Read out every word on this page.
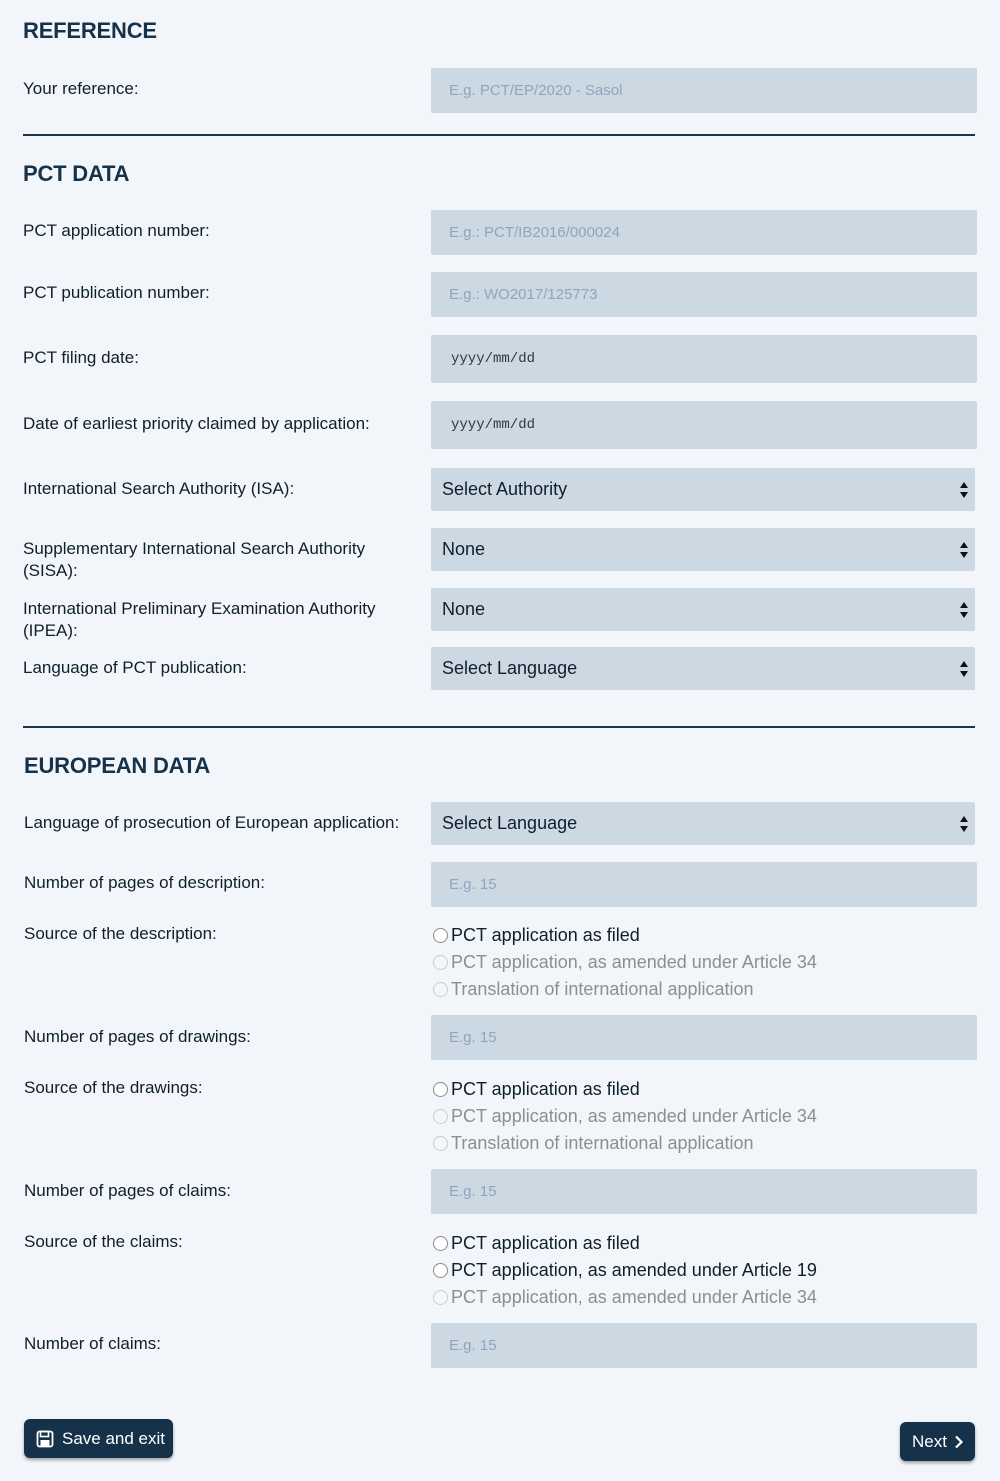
REFERENCE
Your reference:
E.g. PCT/EP/2020 - Sasol
PCT DATA
PCT application number:
E.g.: PCT/IB2016/000024
PCT publication number:
E.g.: WO2017/125773
PCT filing date:	yyyy/mm/dd
Date of earliest priority claimed by application:	yyyy/mm/dd
International Search Authority (ISA):	Select Authority
Supplementary International Search Authority
(SISA):
None
International Preliminary Examination Authority
(IPEA):
None
Language of PCT publication:	Select Language
EUROPEAN DATA
Language of prosecution of European application: Select Language
Number of pages of description:
E.g. 15
Source of the description:	PCT application as filed
PCT application, as amended under Article 34
Translation of international application
Number of pages of drawings:
E.g. 15
Source of the drawings:	PCT application as filed
PCT application, as amended under Article 34
Translation of international application
Number of pages of claims:
E.g. 15
Source of the claims:	PCT application as filed
PCT application, as amended under Article 19
PCT application, as amended under Article 34
Number of claims:
E.g. 15
Save and exit	Next
